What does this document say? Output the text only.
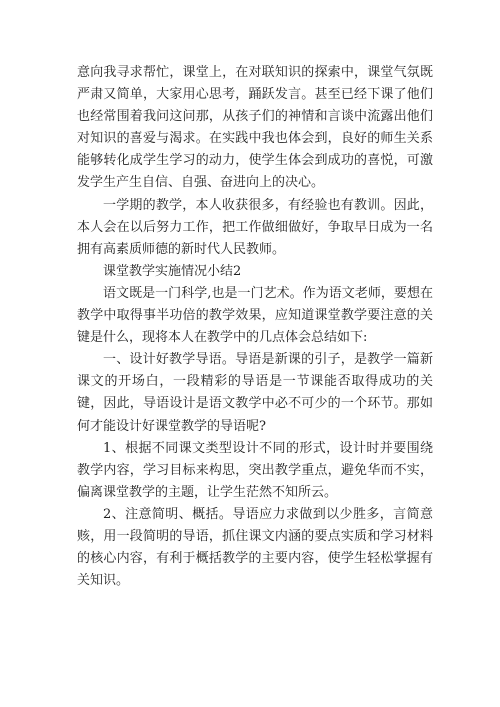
意向我寻求帮忙，课堂上，在对联知识的探索中，课堂气氛既严肃又简单，大家用心思考，踊跃发言。甚至已经下课了他们也经常围着我问这问那，从孩子们的神情和言谈中流露出他们对知识的喜爱与渴求。在实践中我也体会到，良好的师生关系能够转化成学生学习的动力，使学生体会到成功的喜悦，可激发学生产生自信、自强、奋进向上的决心。

一学期的教学，本人收获很多，有经验也有教训。因此，本人会在以后努力工作，把工作做细做好，争取早日成为一名拥有高素质师德的新时代人民教师。

课堂教学实施情况小结2

语文既是一门科学,也是一门艺术。作为语文老师，要想在教学中取得事半功倍的教学效果，应知道课堂教学要注意的关键是什么，现将本人在教学中的几点体会总结如下:

一、设计好教学导语。导语是新课的引子，是教学一篇新课文的开场白，一段精彩的导语是一节课能否取得成功的关键，因此，导语设计是语文教学中必不可少的一个环节。那如何才能设计好课堂教学的导语呢?

1、根据不同课文类型设计不同的形式，设计时并要围绕教学内容，学习目标来构思，突出教学重点，避免华而不实，偏离课堂教学的主题，让学生茫然不知所云。

2、注意简明、概括。导语应力求做到以少胜多，言简意赅，用一段简明的导语，抓住课文内涵的要点实质和学习材料的核心内容，有利于概括教学的主要内容，使学生轻松掌握有关知识。
